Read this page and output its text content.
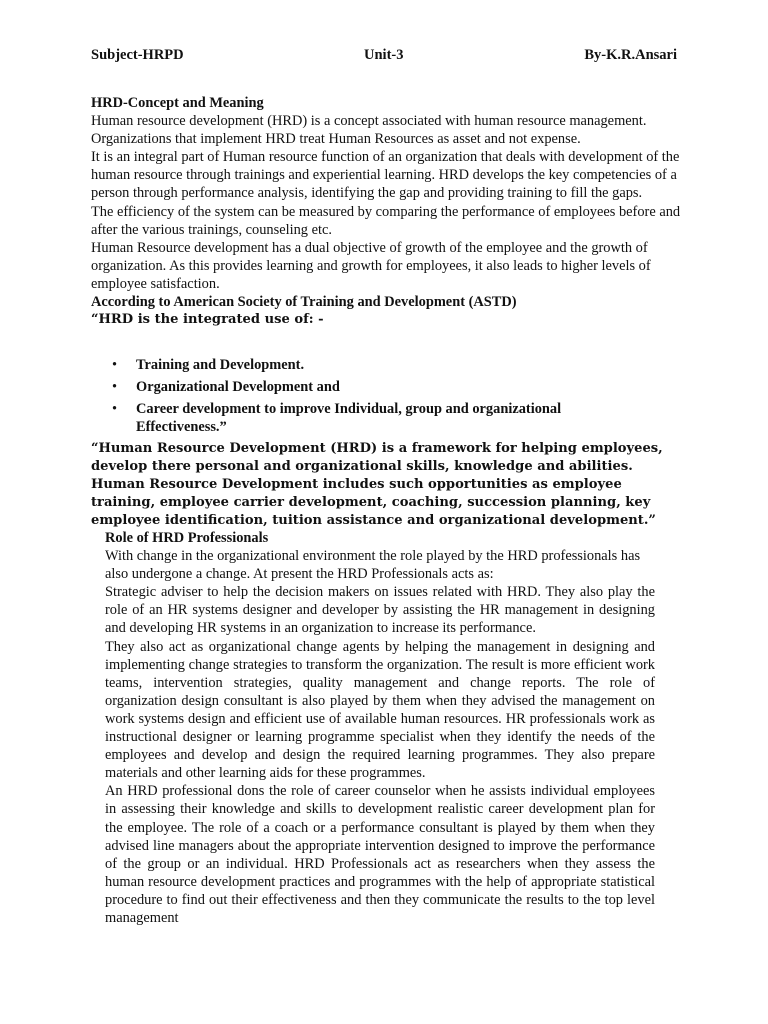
Subject-HRPD	Unit-3	By-K.R.Ansari
HRD-Concept and Meaning
Human resource development (HRD) is a concept associated with human resource management. Organizations that implement HRD treat Human Resources as asset and not expense.
It is an integral part of Human resource function of an organization that deals with development of the human resource through trainings and experiential learning. HRD develops the key competencies of a person through performance analysis, identifying the gap and providing training to fill the gaps.
The efficiency of the system can be measured by comparing the performance of employees before and after the various trainings, counseling etc.
Human Resource development has a dual objective of growth of the employee and the growth of organization. As this provides learning and growth for employees, it also leads to higher levels of employee satisfaction.
According to American Society of Training and Development (ASTD)
“HRD is the integrated use of: -
• Training and Development.
• Organizational Development and
• Career development to improve Individual, group and organizational Effectiveness.”
“Human Resource Development (HRD) is a framework for helping employees, develop there personal and organizational skills, knowledge and abilities. Human Resource Development includes such opportunities as employee training, employee carrier development, coaching, succession planning, key employee identification, tuition assistance and organizational development.”
Role of HRD Professionals
With change in the organizational environment the role played by the HRD professionals has also undergone a change. At present the HRD Professionals acts as:
Strategic adviser to help the decision makers on issues related with HRD. They also play the role of an HR systems designer and developer by assisting the HR management in designing and developing HR systems in an organization to increase its performance.
They also act as organizational change agents by helping the management in designing and implementing change strategies to transform the organization. The result is more efficient work teams, intervention strategies, quality management and change reports. The role of organization design consultant is also played by them when they advised the management on work systems design and efficient use of available human resources. HR professionals work as instructional designer or learning programme specialist when they identify the needs of the employees and develop and design the required learning programmes. They also prepare materials and other learning aids for these programmes.
An HRD professional dons the role of career counselor when he assists individual employees in assessing their knowledge and skills to development realistic career development plan for the employee. The role of a coach or a performance consultant is played by them when they advised line managers about the appropriate intervention designed to improve the performance of the group or an individual. HRD Professionals act as researchers when they assess the human resource development practices and programmes with the help of appropriate statistical procedure to find out their effectiveness and then they communicate the results to the top level management
